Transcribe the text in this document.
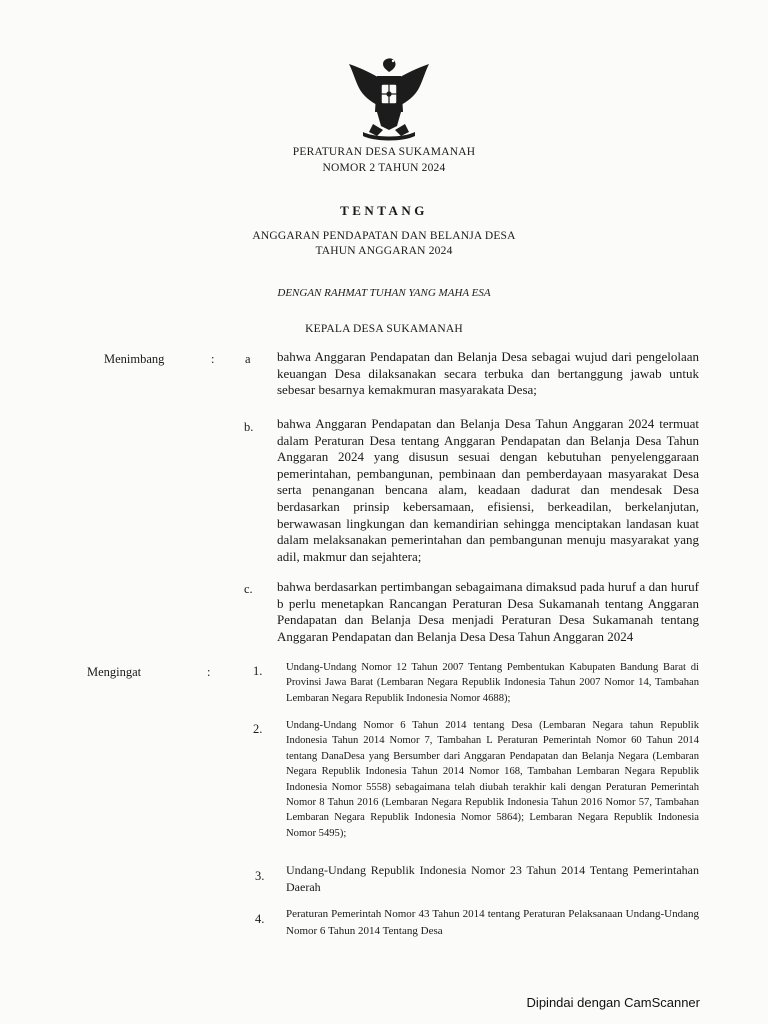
PERATURAN DESA SUKAMANAH
NOMOR 2 TAHUN 2024
TENTANG
ANGGARAN PENDAPATAN DAN BELANJA DESA
TAHUN ANGGARAN 2024
DENGAN RAHMAT TUHAN YANG MAHA ESA
KEPALA DESA SUKAMANAH
Menimbang	: a bahwa Anggaran Pendapatan dan Belanja Desa sebagai wujud dari pengelolaan keuangan Desa dilaksanakan secara terbuka dan bertanggung jawab untuk sebesar besarnya kemakmuran masyarakata Desa;
b. bahwa Anggaran Pendapatan dan Belanja Desa Tahun Anggaran 2024 termuat dalam Peraturan Desa tentang Anggaran Pendapatan dan Belanja Desa Tahun Anggaran 2024 yang disusun sesuai dengan kebutuhan penyelenggaraan pemerintahan, pembangunan, pembinaan dan pemberdayaan masyarakat Desa serta penanganan bencana alam, keadaan dadurat dan mendesak Desa berdasarkan prinsip kebersamaan, efisiensi, berkeadilan, berkelanjutan, berwawasan lingkungan dan kemandirian sehingga menciptakan landasan kuat dalam melaksanakan pemerintahan dan pembangunan menuju masyarakat yang adil, makmur dan sejahtera;
c. bahwa berdasarkan pertimbangan sebagaimana dimaksud pada huruf a dan huruf b perlu menetapkan Rancangan Peraturan Desa Sukamanah tentang Anggaran Pendapatan dan Belanja Desa menjadi Peraturan Desa Sukamanah tentang Anggaran Pendapatan dan Belanja Desa Desa Tahun Anggaran 2024
Mengingat	:	1. Undang-Undang Nomor 12 Tahun 2007 Tentang Pembentukan Kabupaten Bandung Barat di Provinsi Jawa Barat (Lembaran Negara Republik Indonesia Tahun 2007 Nomor 14, Tambahan Lembaran Negara Republik Indonesia Nomor 4688);
2. Undang-Undang Nomor 6 Tahun 2014 tentang Desa (Lembaran Negara tahun Republik Indonesia Tahun 2014 Nomor 7, Tambahan L Peraturan Pemerintah Nomor 60 Tahun 2014 tentang DanaDesa yang Bersumber dari Anggaran Pendapatan dan Belanja Negara (Lembaran Negara Republik Indonesia Tahun 2014 Nomor 168, Tambahan Lembaran Negara Republik Indonesia Nomor 5558) sebagaimana telah diubah terakhir kali dengan Peraturan Pemerintah Nomor 8 Tahun 2016 (Lembaran Negara Republik Indonesia Tahun 2016 Nomor 57, Tambahan Lembaran Negara Republik Indonesia Nomor 5864); Lembaran Negara Republik Indonesia Nomor 5495);
3. Undang-Undang Republik Indonesia Nomor 23 Tahun 2014 Tentang Pemerintahan Daerah
4. Peraturan Pemerintah Nomor 43 Tahun 2014 tentang Peraturan Pelaksanaan Undang-Undang Nomor 6 Tahun 2014 Tentang Desa
Dipindai dengan CamScanner
